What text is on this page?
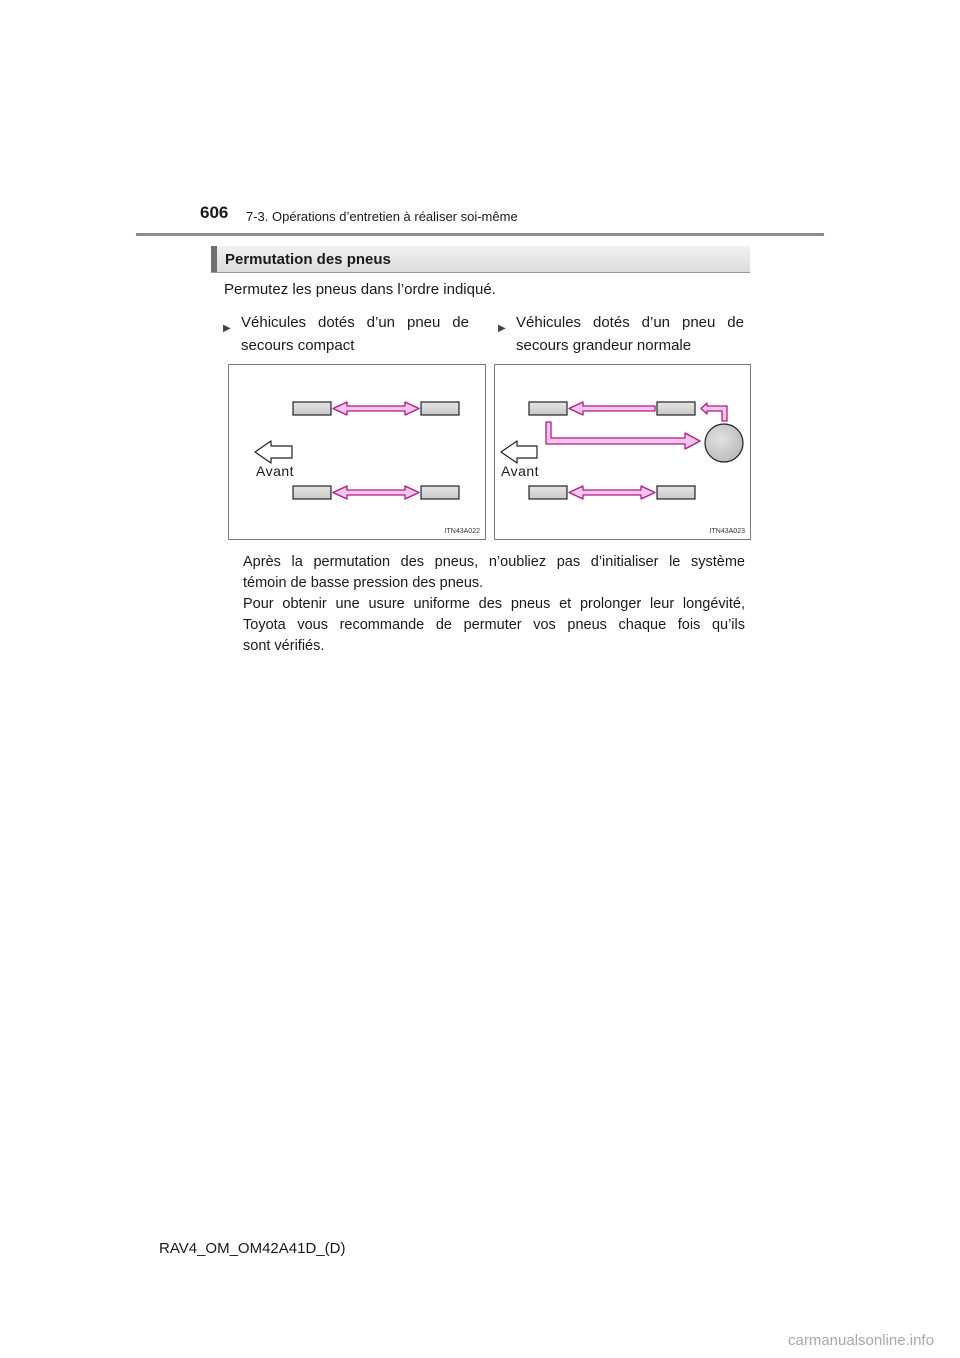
606 7-3. Opérations d’entretien à réaliser soi-même
Permutation des pneus
Permutez les pneus dans l’ordre indiqué.
▶ Véhicules dotés d’un pneu de secours compact
▶ Véhicules dotés d’un pneu de secours grandeur normale
Avant
ITN43A022
Avant
ITN43A023
Après la permutation des pneus, n’oubliez pas d’initialiser le système
témoin de basse pression des pneus.
Pour obtenir une usure uniforme des pneus et prolonger leur longévité,
Toyota vous recommande de permuter vos pneus chaque fois qu’ils
sont vérifiés.
RAV4_OM_OM42A41D_(D)
carmanualsonline.info
